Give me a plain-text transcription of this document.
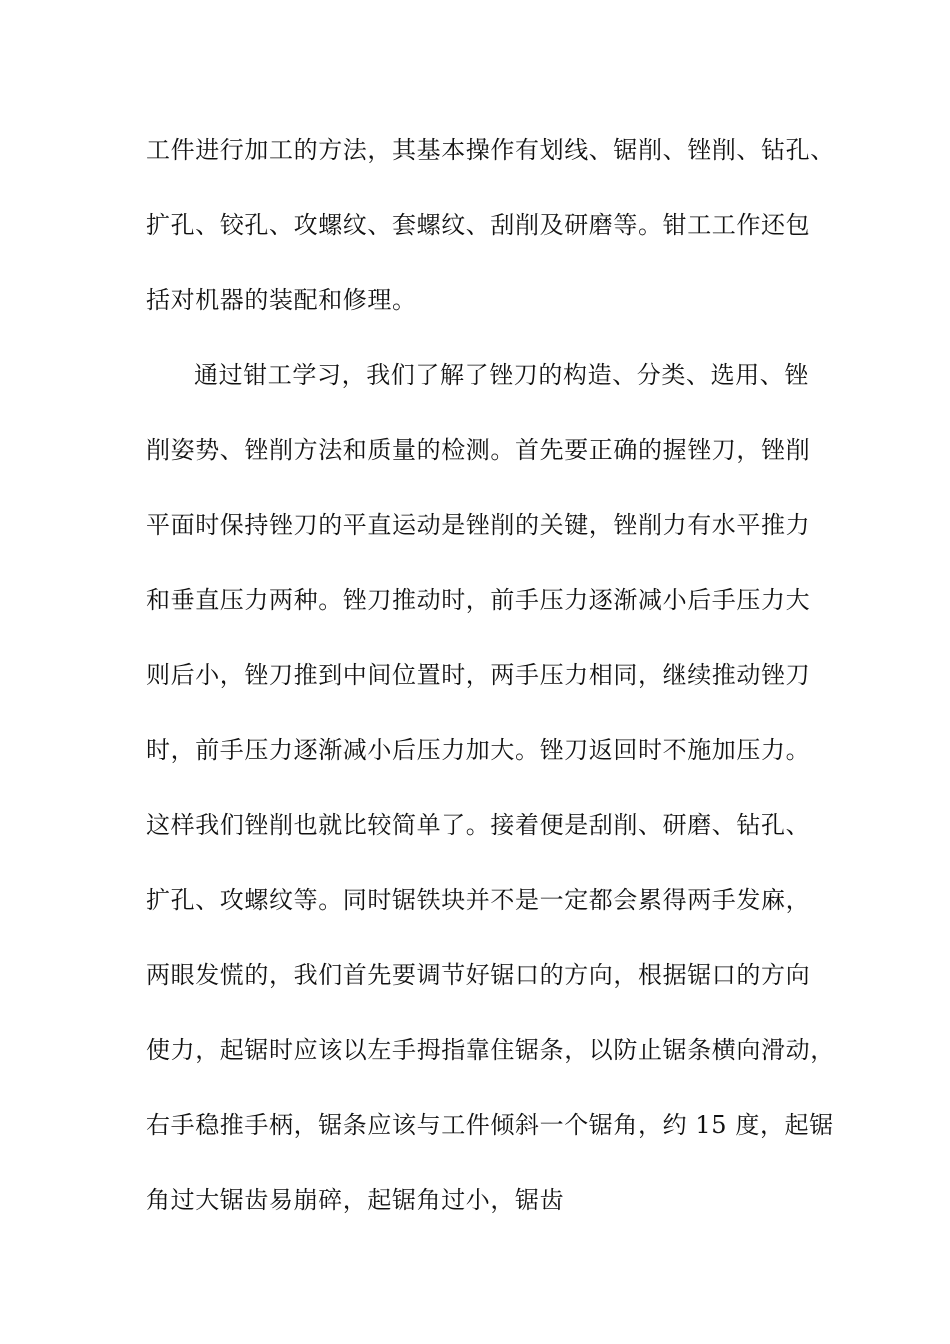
工件进行加工的方法，其基本操作有划线、锯削、锉削、钻孔、
扩孔、铰孔、攻螺纹、套螺纹、刮削及研磨等。钳工工作还包
括对机器的装配和修理。
通过钳工学习，我们了解了锉刀的构造、分类、选用、锉
削姿势、锉削方法和质量的检测。首先要正确的握锉刀，锉削
平面时保持锉刀的平直运动是锉削的关键，锉削力有水平推力
和垂直压力两种。锉刀推动时，前手压力逐渐减小后手压力大
则后小，锉刀推到中间位置时，两手压力相同，继续推动锉刀
时，前手压力逐渐减小后压力加大。锉刀返回时不施加压力。
这样我们锉削也就比较简单了。接着便是刮削、研磨、钻孔、
扩孔、攻螺纹等。同时锯铁块并不是一定都会累得两手发麻，
两眼发慌的，我们首先要调节好锯口的方向，根据锯口的方向
使力，起锯时应该以左手拇指靠住锯条，以防止锯条横向滑动，
右手稳推手柄，锯条应该与工件倾斜一个锯角，约 15 度，起锯
角过大锯齿易崩碎，起锯角过小，锯齿
